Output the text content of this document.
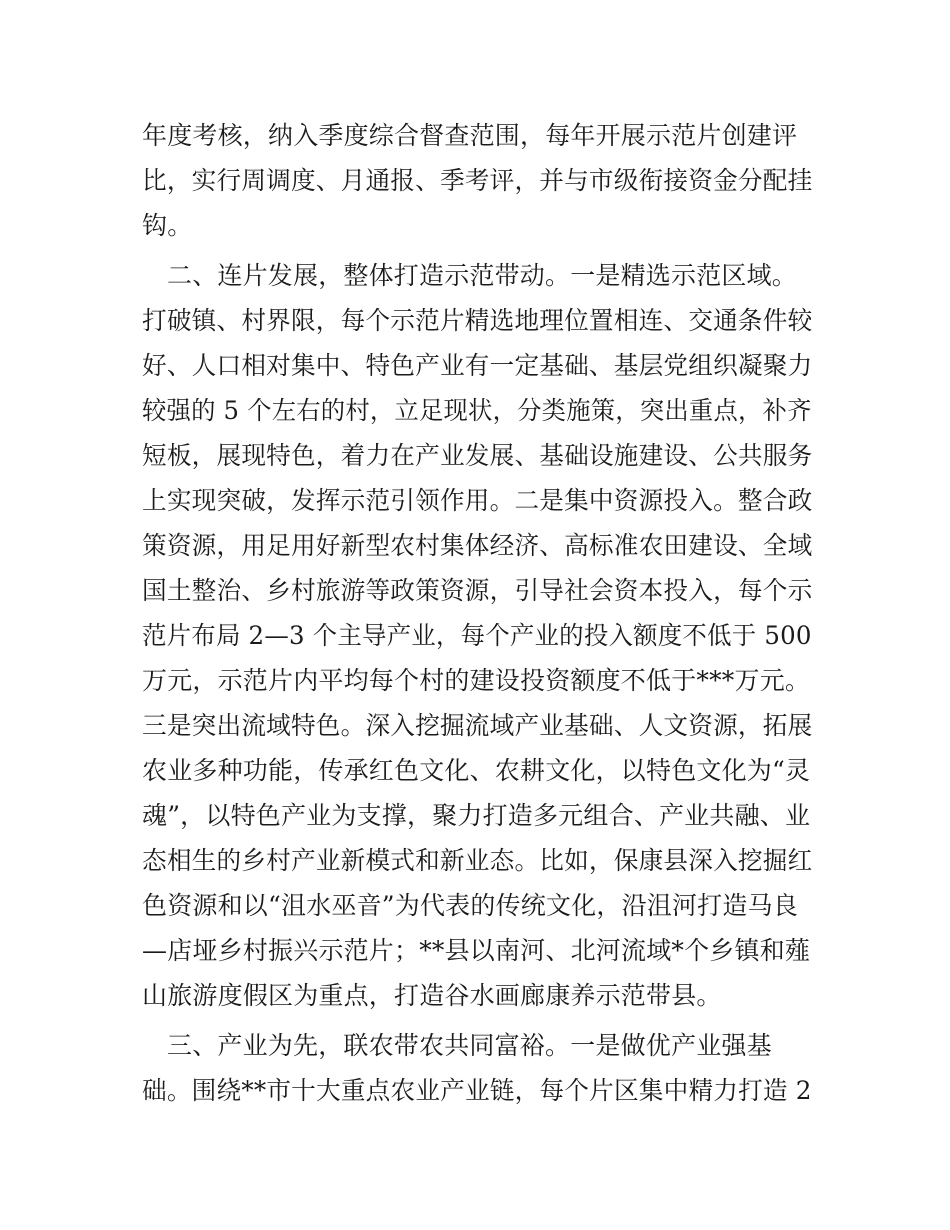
年度考核，纳入季度综合督查范围，每年开展示范片创建评
比，实行周调度、月通报、季考评，并与市级衔接资金分配挂
钩。
二、连片发展，整体打造示范带动。一是精选示范区域。
打破镇、村界限，每个示范片精选地理位置相连、交通条件较
好、人口相对集中、特色产业有一定基础、基层党组织凝聚力
较强的 5 个左右的村，立足现状，分类施策，突出重点，补齐
短板，展现特色，着力在产业发展、基础设施建设、公共服务
上实现突破，发挥示范引领作用。二是集中资源投入。整合政
策资源，用足用好新型农村集体经济、高标准农田建设、全域
国土整治、乡村旅游等政策资源，引导社会资本投入，每个示
范片布局 2—3 个主导产业，每个产业的投入额度不低于 500
万元，示范片内平均每个村的建设投资额度不低于***万元。
三是突出流域特色。深入挖掘流域产业基础、人文资源，拓展
农业多种功能，传承红色文化、农耕文化，以特色文化为“灵
魂”，以特色产业为支撑，聚力打造多元组合、产业共融、业
态相生的乡村产业新模式和新业态。比如，保康县深入挖掘红
色资源和以“沮水巫音”为代表的传统文化，沿沮河打造马良
—店垭乡村振兴示范片；**县以南河、北河流域*个乡镇和薤
山旅游度假区为重点，打造谷水画廊康养示范带县。
三、产业为先，联农带农共同富裕。一是做优产业强基
础。围绕**市十大重点农业产业链，每个片区集中精力打造 2
